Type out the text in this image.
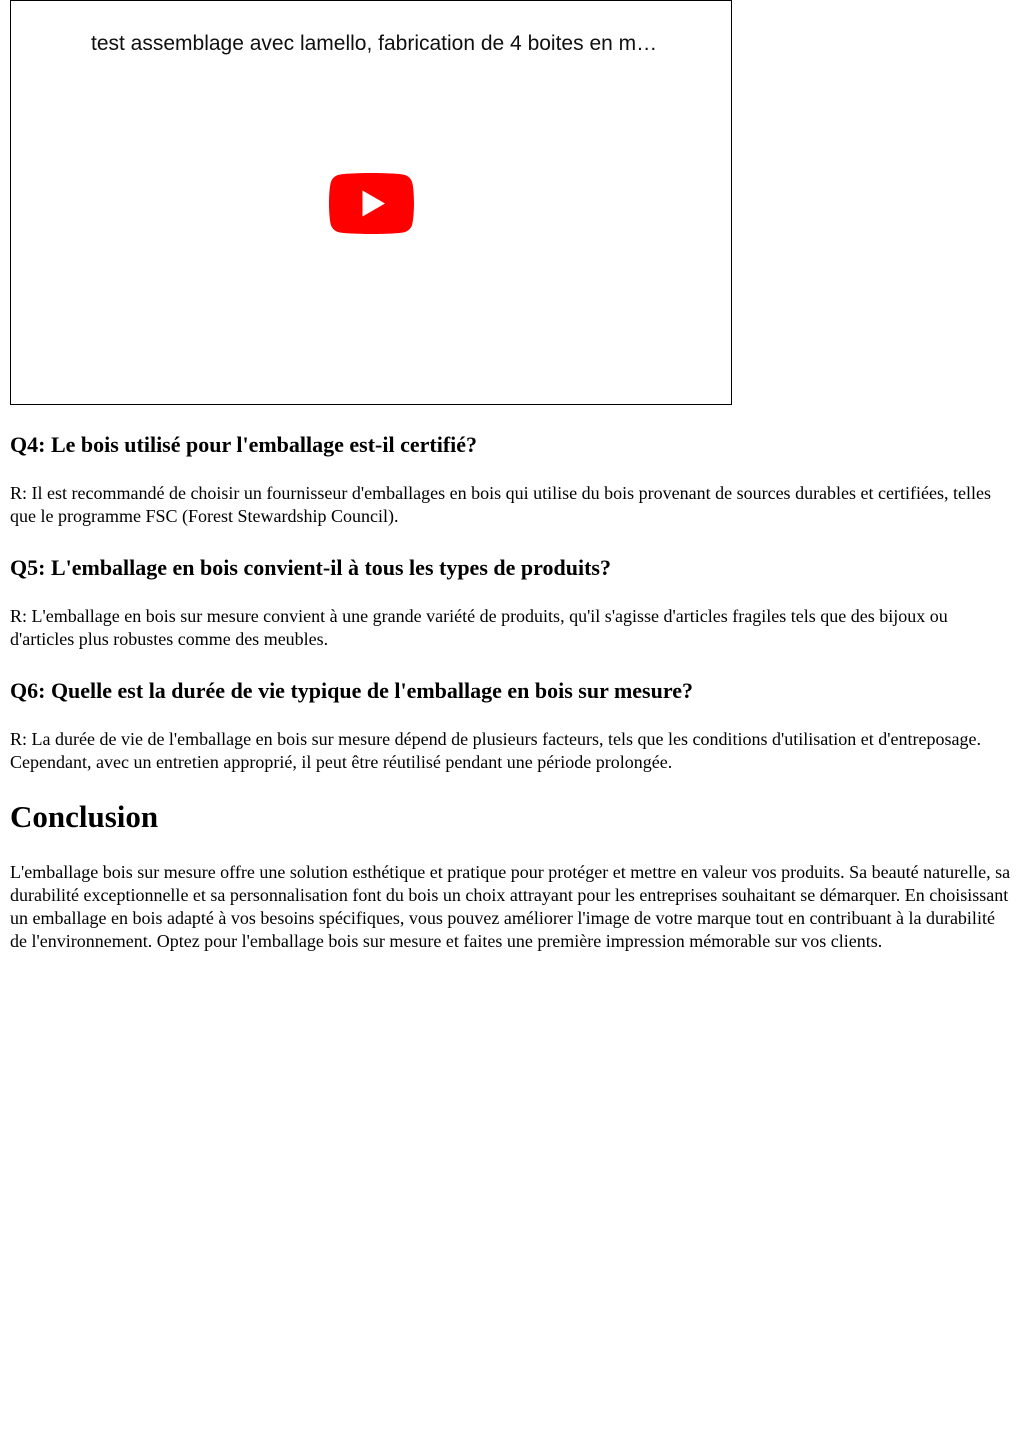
test assemblage avec lamello, fabrication de 4 boites en m…
Q4: Le bois utilisé pour l'emballage est-il certifié?

R: Il est recommandé de choisir un fournisseur d'emballages en bois qui utilise du bois provenant de sources durables et certifiées, telles que le programme FSC (Forest Stewardship Council).

Q5: L'emballage en bois convient-il à tous les types de produits?

R: L'emballage en bois sur mesure convient à une grande variété de produits, qu'il s'agisse d'articles fragiles tels que des bijoux ou d'articles plus robustes comme des meubles.

Q6: Quelle est la durée de vie typique de l'emballage en bois sur mesure?

R: La durée de vie de l'emballage en bois sur mesure dépend de plusieurs facteurs, tels que les conditions d'utilisation et d'entreposage. Cependant, avec un entretien approprié, il peut être réutilisé pendant une période prolongée.

Conclusion

L'emballage bois sur mesure offre une solution esthétique et pratique pour protéger et mettre en valeur vos produits. Sa beauté naturelle, sa durabilité exceptionnelle et sa personnalisation font du bois un choix attrayant pour les entreprises souhaitant se démarquer. En choisissant un emballage en bois adapté à vos besoins spécifiques, vous pouvez améliorer l'image de votre marque tout en contribuant à la durabilité de l'environnement. Optez pour l'emballage bois sur mesure et faites une première impression mémorable sur vos clients.
